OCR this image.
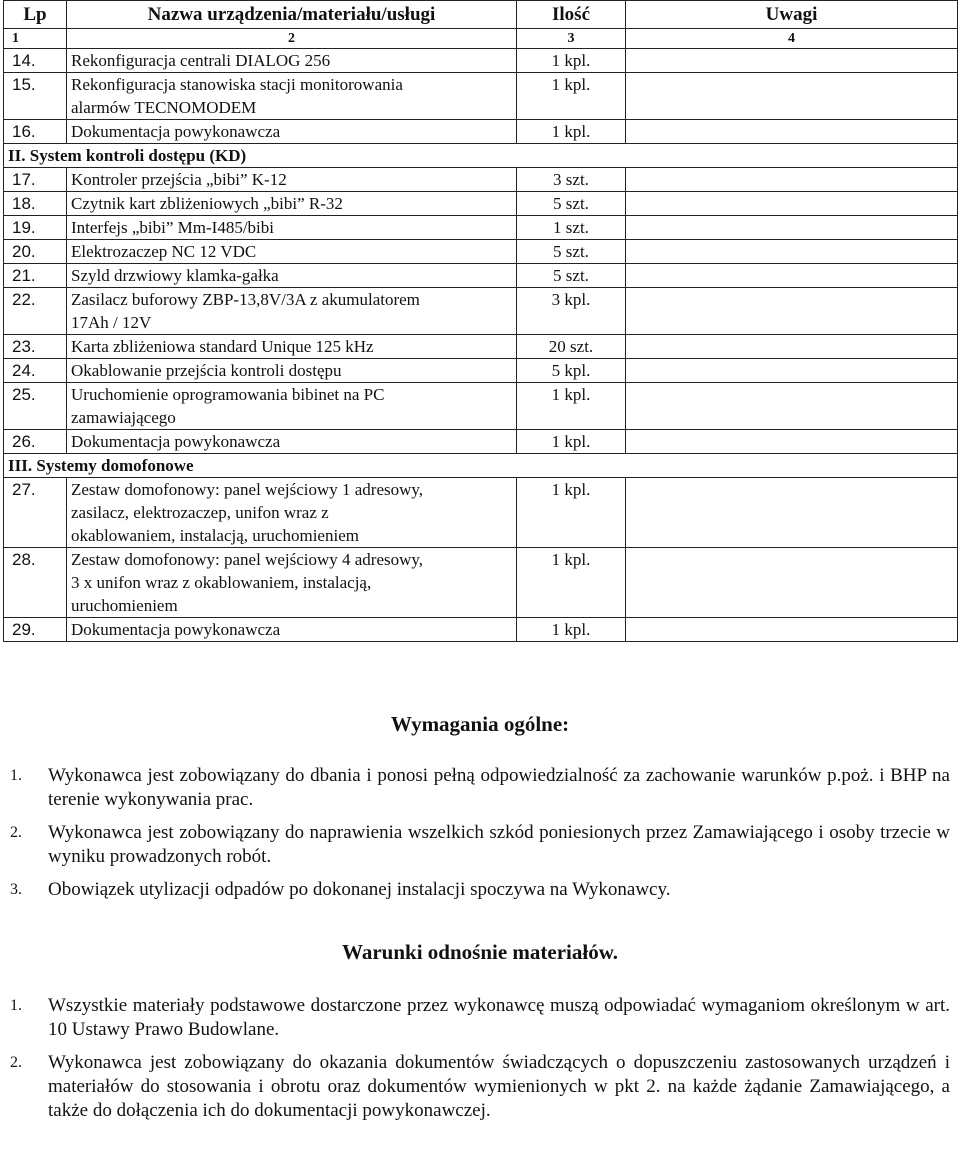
Lp	Nazwa urządzenia/materiału/usługi	Ilość	Uwagi
1	2	3	4
14.	Rekonfiguracja centrali DIALOG 256	1 kpl.	
15.	Rekonfiguracja stanowiska stacji monitorowania alarmów TECNOMODEM	1 kpl.	
16.	Dokumentacja powykonawcza	1 kpl.	
II. System kontroli dostępu (KD)			
17.	Kontroler przejścia „bibi” K-12	3 szt.	
18.	Czytnik kart zbliżeniowych „bibi” R-32	5 szt.	
19.	Interfejs „bibi” Mm-I485/bibi	1 szt.	
20.	Elektrozaczep NC 12 VDC	5 szt.	
21.	Szyld drzwiowy klamka-gałka	5 szt.	
22.	Zasilacz buforowy ZBP-13,8V/3A z akumulatorem 17Ah / 12V	3 kpl.	
23.	Karta zbliżeniowa standard Unique 125 kHz	20 szt.	
24.	Okablowanie przejścia kontroli dostępu	5 kpl.	
25.	Uruchomienie oprogramowania bibinet na PC zamawiającego	1 kpl.	
26.	Dokumentacja powykonawcza	1 kpl.	
III. Systemy domofonowe			
27.	Zestaw domofonowy: panel wejściowy 1 adresowy, zasilacz, elektrozaczep, unifon wraz z okablowaniem, instalacją, uruchomieniem	1 kpl.	
28.	Zestaw domofonowy: panel wejściowy 4 adresowy, 3 x unifon wraz z okablowaniem, instalacją, uruchomieniem	1 kpl.	
29.	Dokumentacja powykonawcza	1 kpl.	
Wymagania ogólne:
1. Wykonawca jest zobowiązany do dbania i ponosi pełną odpowiedzialność za zachowanie warunków p.poż. i BHP na terenie wykonywania prac.
2. Wykonawca jest zobowiązany do naprawienia wszelkich szkód poniesionych przez Zamawiającego i osoby trzecie w wyniku prowadzonych robót.
3. Obowiązek utylizacji odpadów po dokonanej instalacji spoczywa na Wykonawcy.
Warunki odnośnie materiałów.
1. Wszystkie materiały podstawowe dostarczone przez wykonawcę muszą odpowiadać wymaganiom określonym w art. 10 Ustawy Prawo Budowlane.
2. Wykonawca jest zobowiązany do okazania dokumentów świadczących o dopuszczeniu zastosowanych urządzeń i materiałów do stosowania i obrotu oraz dokumentów wymienionych w pkt 2. na każde żądanie Zamawiającego, a także do dołączenia ich do dokumentacji powykonawczej.
